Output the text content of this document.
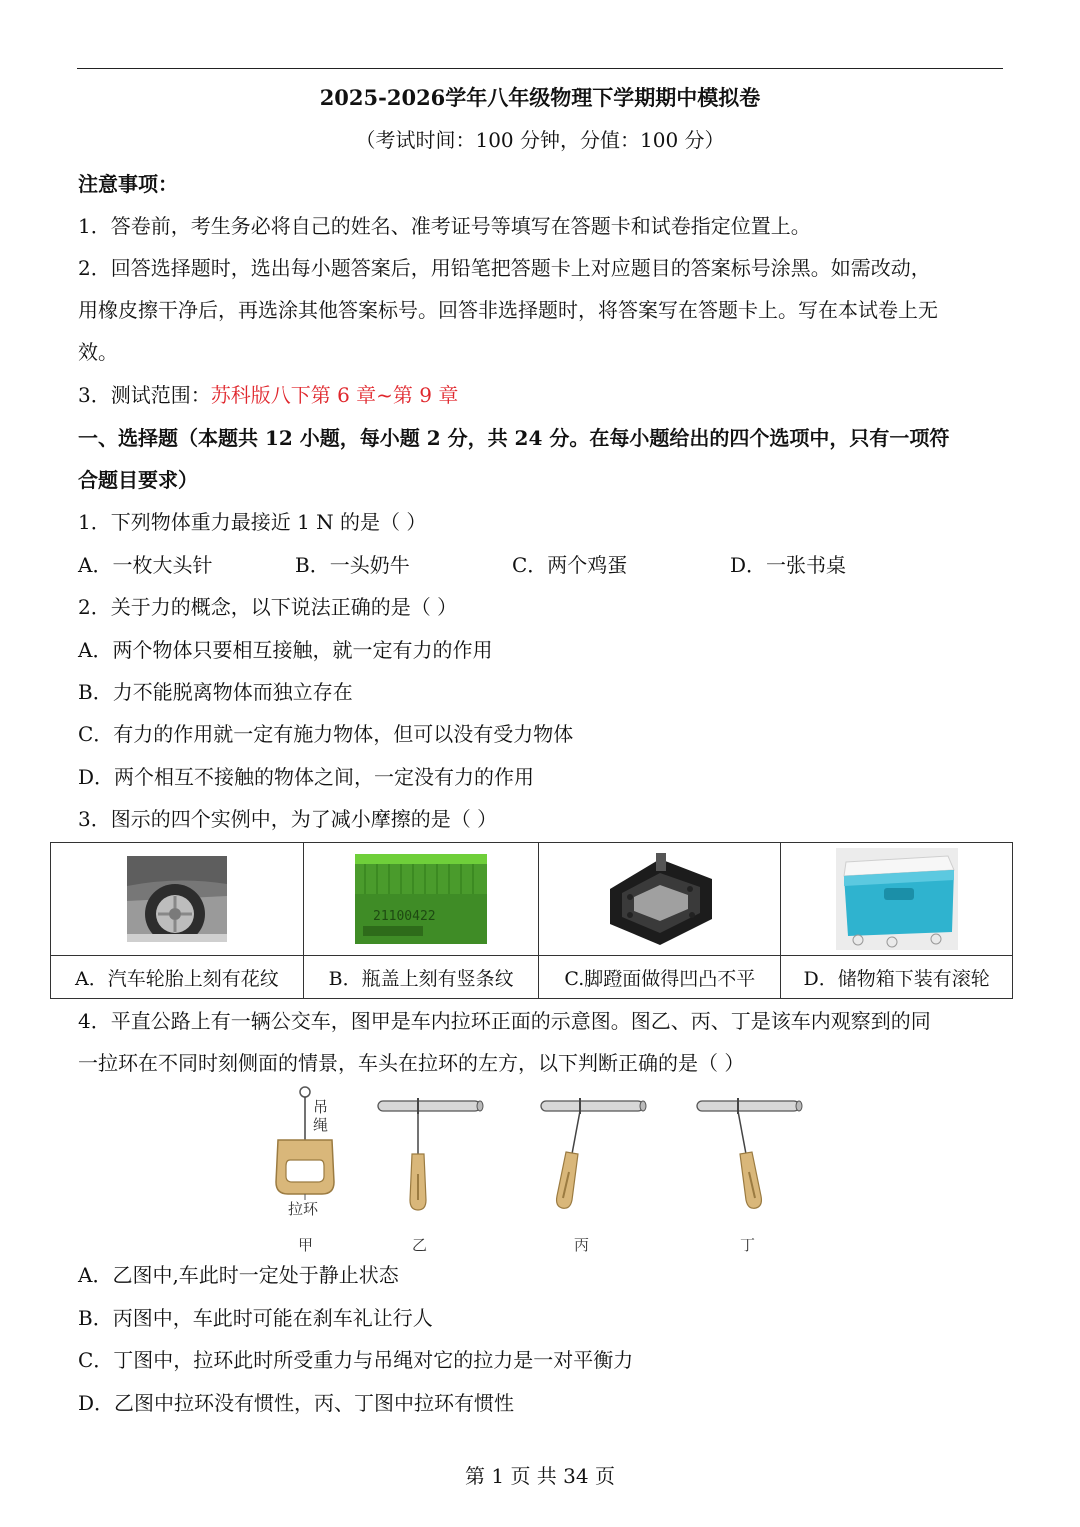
2025-2026学年八年级物理下学期期中模拟卷
（考试时间：100 分钟，分值：100 分）
注意事项：
1．答卷前，考生务必将自己的姓名、准考证号等填写在答题卡和试卷指定位置上。
2．回答选择题时，选出每小题答案后，用铅笔把答题卡上对应题目的答案标号涂黑。如需改动，
用橡皮擦干净后，再选涂其他答案标号。回答非选择题时，将答案写在答题卡上。写在本试卷上无
效。
3．测试范围：苏科版八下第 6 章~第 9 章
一、选择题（本题共 12 小题，每小题 2 分，共 24 分。在每小题给出的四个选项中，只有一项符
合题目要求）
1．下列物体重力最接近 1 N 的是（ ）
A．一枚大头针	B．一头奶牛	C．两个鸡蛋	D．一张书桌
2．关于力的概念，以下说法正确的是（ ）
A．两个物体只要相互接触，就一定有力的作用
B．力不能脱离物体而独立存在
C．有力的作用就一定有施力物体，但可以没有受力物体
D．两个相互不接触的物体之间，一定没有力的作用
3．图示的四个实例中，为了减小摩擦的是（ ）

21100422

A．汽车轮胎上刻有花纹	B．瓶盖上刻有竖条纹	C.脚蹬面做得凹凸不平	D．储物箱下装有滚轮
4．平直公路上有一辆公交车，图甲是车内拉环正面的示意图。图乙、丙、丁是该车内观察到的同
一拉环在不同时刻侧面的情景，车头在拉环的左方，以下判断正确的是（ ）
吊绳
拉环
甲	乙	丙	丁
A．乙图中,车此时一定处于静止状态
B．丙图中，车此时可能在刹车礼让行人
C．丁图中，拉环此时所受重力与吊绳对它的拉力是一对平衡力
D．乙图中拉环没有惯性，丙、丁图中拉环有惯性
第 1 页 共 34 页
